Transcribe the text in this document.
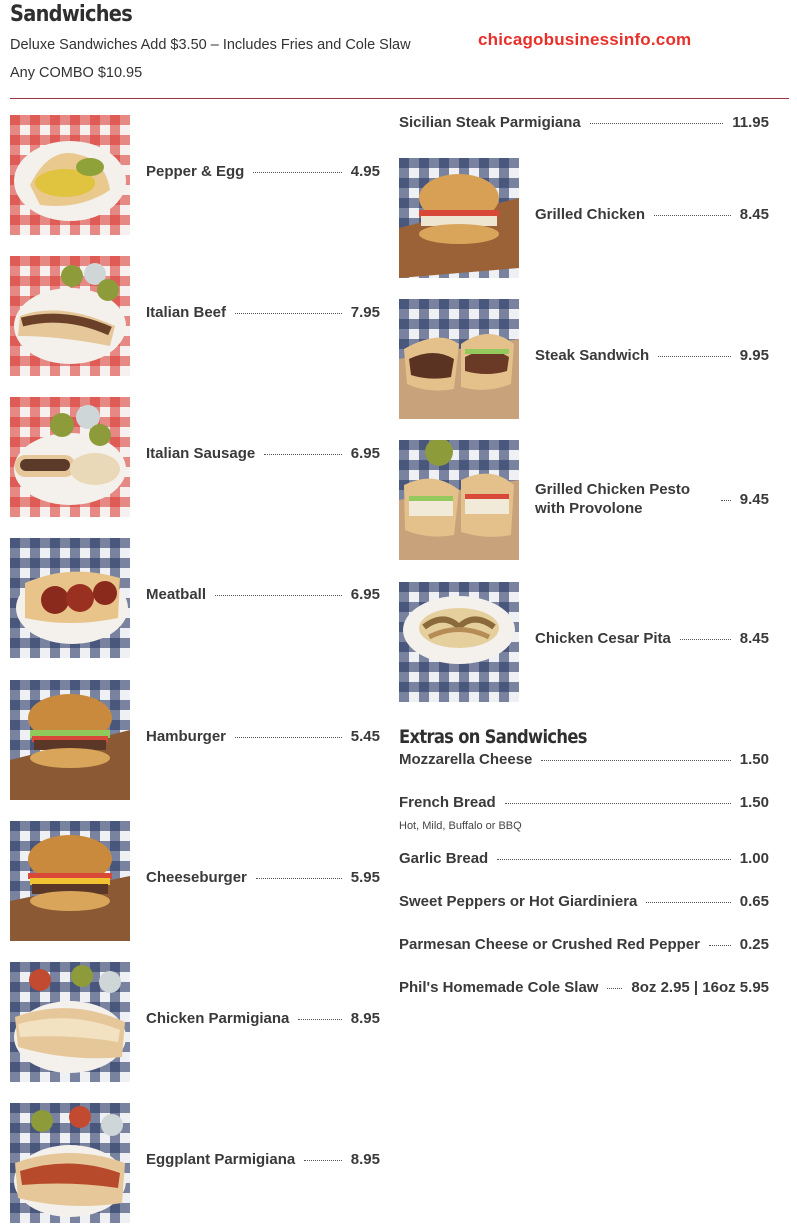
Sandwiches
Deluxe Sandwiches Add $3.50 – Includes Fries and Cole Slaw
Any COMBO $10.95
chicagobusinessinfo.com
Pepper & Egg	4.95
Italian Beef	7.95
Italian Sausage	6.95
Meatball	6.95
Hamburger	5.45
Cheeseburger	5.95
Chicken Parmigiana	8.95
Eggplant Parmigiana	8.95
Sicilian Steak Parmigiana	11.95
Grilled Chicken	8.45
Steak Sandwich	9.95
Grilled Chicken Pesto with Provolone
9.45
Chicken Cesar Pita	8.45
Extras on Sandwiches
Mozzarella Cheese	1.50
French Bread	1.50
Hot, Mild, Buffalo or BBQ
Garlic Bread	1.00
Sweet Peppers or Hot Giardiniera	0.65
Parmesan Cheese or Crushed Red Pepper	0.25
Phil's Homemade Cole Slaw 8oz 2.95 | 16oz 5.95
